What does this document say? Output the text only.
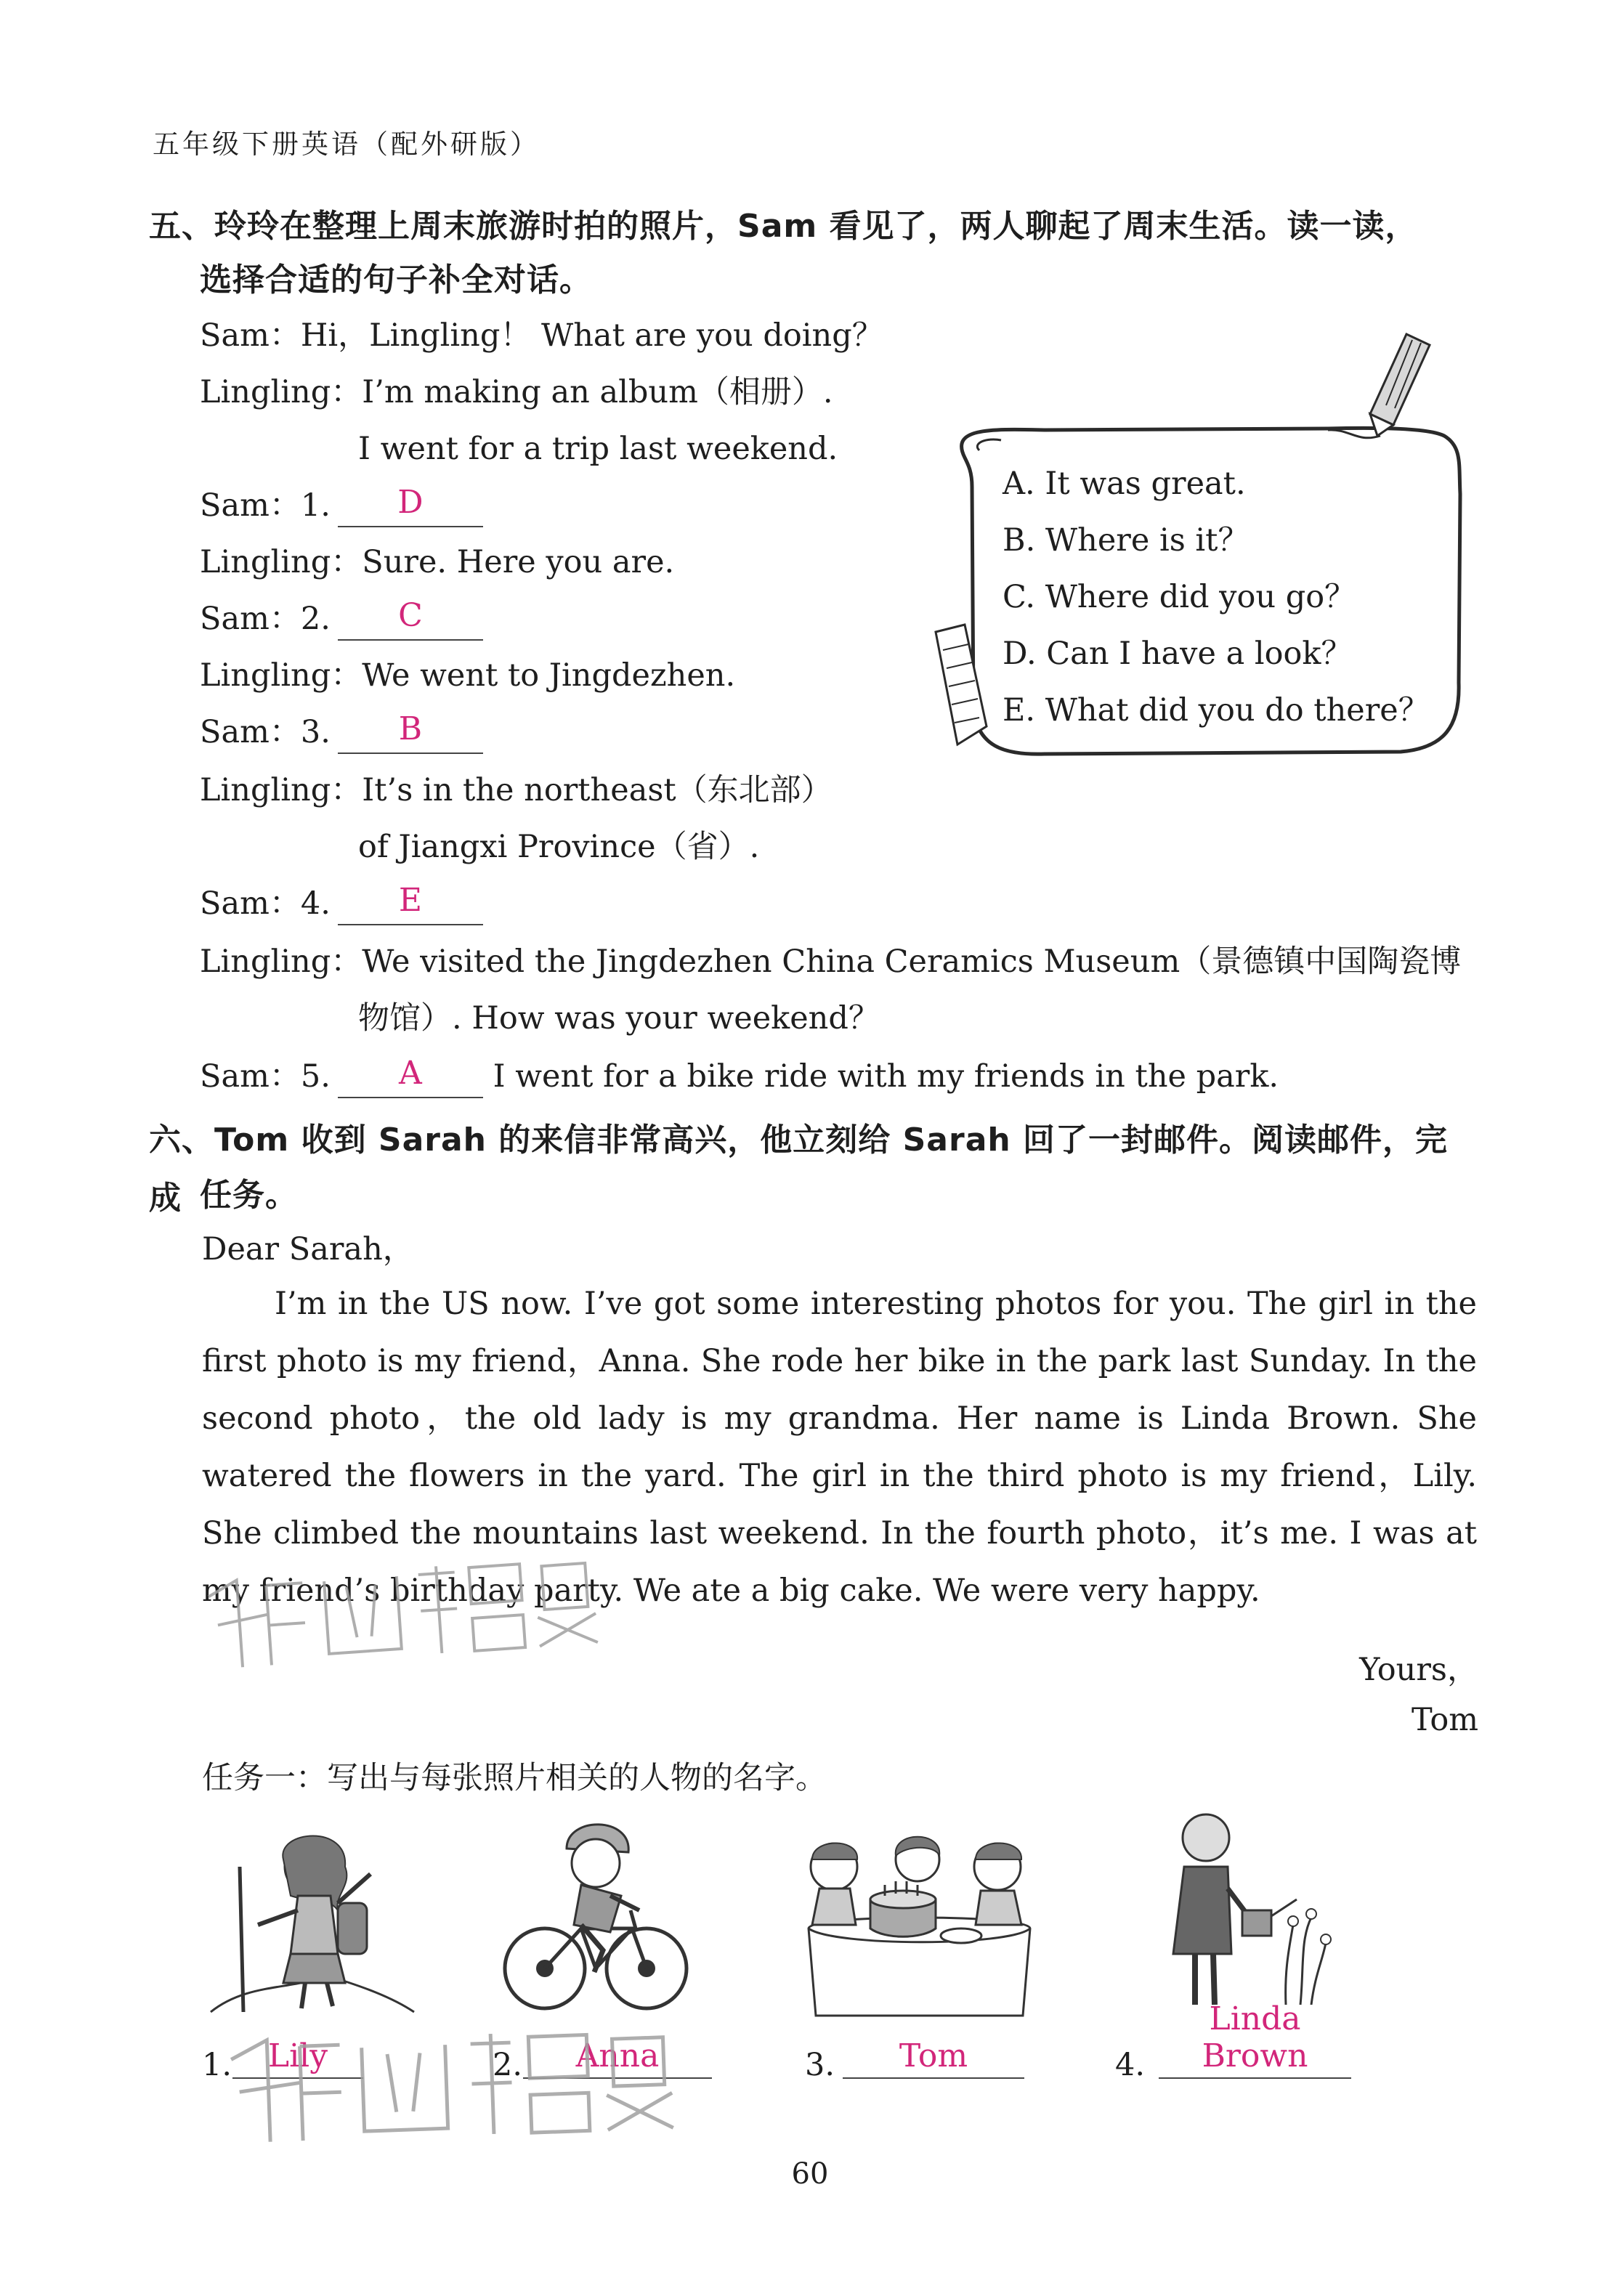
五年级下册英语（配外研版）
五、玲玲在整理上周末旅游时拍的照片，Sam 看见了，两人聊起了周末生活。读一读，
选择合适的句子补全对话。
Sam：Hi，Lingling！ What are you doing？
Lingling：I’m making an album（相册）.
I went for a trip last weekend.
Sam：1.	D
Lingling：Sure. Here you are.
Sam：2.	C
Lingling：We went to Jingdezhen.
Sam：3.	B
Lingling：It’s in the northeast（东北部）
of Jiangxi Province（省）.
Sam：4.	E
Lingling：We visited the Jingdezhen China Ceramics Museum（景德镇中国陶瓷博
物馆）. How was your weekend？
Sam：5.	A	I went for a bike ride with my friends in the park.
A. It was great.
B. Where is it？
C. Where did you go？
D. Can I have a look？
E. What did you do there？
六、Tom 收到 Sarah 的来信非常高兴，他立刻给 Sarah 回了一封邮件。阅读邮件，完成 任务。
Dear Sarah，
I’m in the US now. I’ve got some interesting photos for you. The girl in the first photo is my friend，Anna. She rode her bike in the park last Sunday. In the second photo，the old lady is my grandma. Her name is Linda Brown. She watered the flowers in the yard. The girl in the third photo is my friend，Lily. She climbed the mountains last weekend. In the fourth photo，it’s me. I was at my friend’s birthday party. We ate a big cake. We were very happy.
Yours，
Tom
任务一：写出与每张照片相关的人物的名字。
1.	Lily	2.	Anna	3.	Tom	4.
Linda Brown
60
